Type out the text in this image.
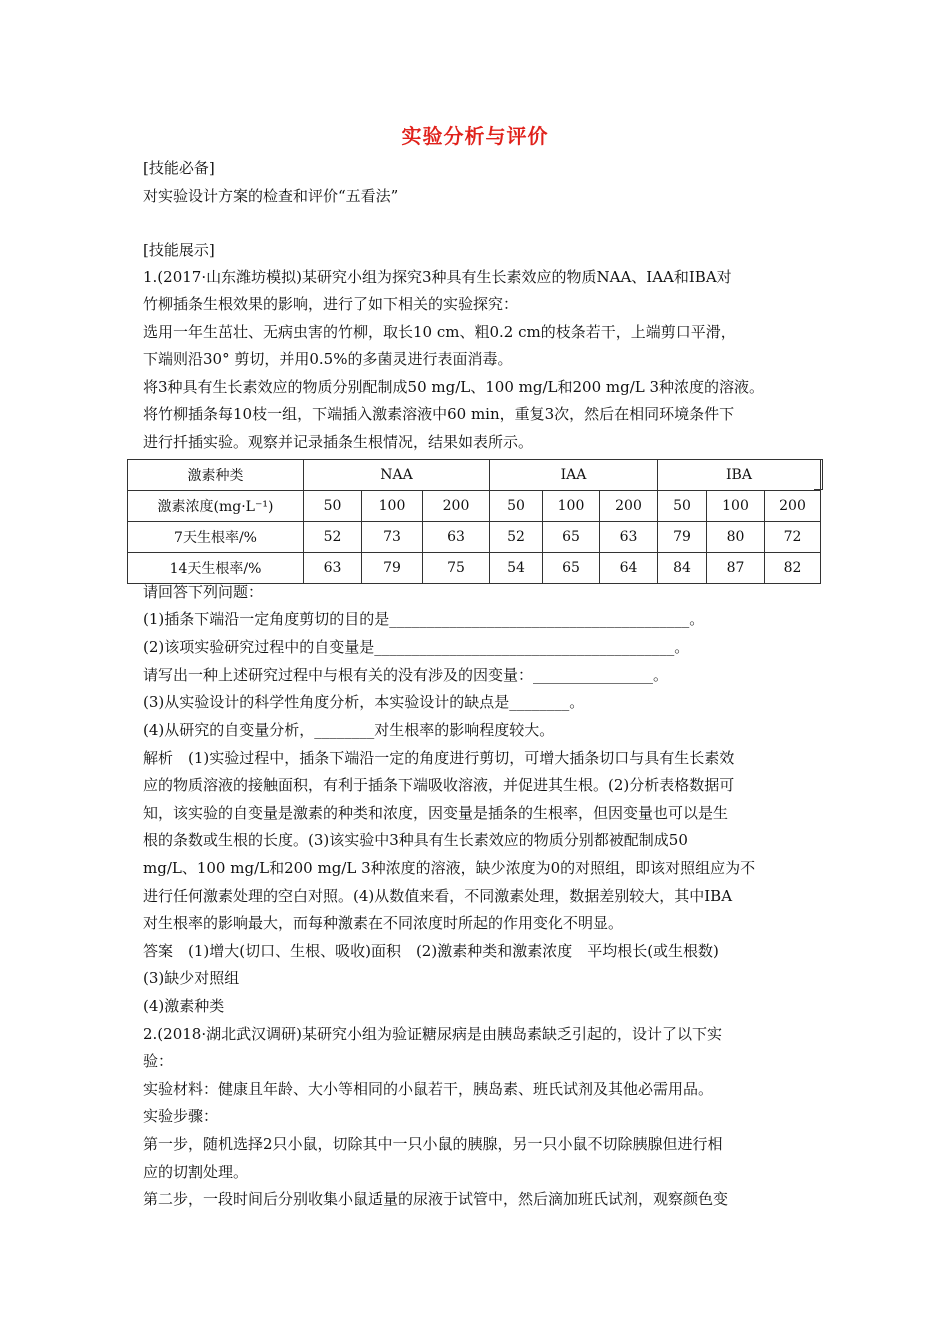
实验分析与评价
[技能必备]
对实验设计方案的检查和评价“五看法”
[技能展示]
1.(2017·山东潍坊模拟)某研究小组为探究3种具有生长素效应的物质NAA、IAA和IBA对
竹柳插条生根效果的影响，进行了如下相关的实验探究：
选用一年生茁壮、无病虫害的竹柳，取长10 cm、粗0.2 cm的枝条若干，上端剪口平滑，
下端则沿30° 剪切，并用0.5%的多菌灵进行表面消毒。
将3种具有生长素效应的物质分别配制成50 mg/L、100 mg/L和200 mg/L 3种浓度的溶液。
将竹柳插条每10枝一组，下端插入激素溶液中60 min，重复3次，然后在相同环境条件下
进行扦插实验。观察并记录插条生根情况，结果如表所示。
激素种类	NAA			IAA			IBA		
激素浓度(mg·L⁻¹)	50	100	200	50	100	200	50	100	200
7天生根率/%	52	73	63	52	65	63	79	80	72
14天生根率/%	63	79	75	54	65	64	84	87	82
请回答下列问题：
(1)插条下端沿一定角度剪切的目的是________________________________________。
(2)该项实验研究过程中的自变量是________________________________________。
请写出一种上述研究过程中与根有关的没有涉及的因变量：________________。
(3)从实验设计的科学性角度分析，本实验设计的缺点是________。
(4)从研究的自变量分析，________对生根率的影响程度较大。
解析　(1)实验过程中，插条下端沿一定的角度进行剪切，可增大插条切口与具有生长素效
应的物质溶液的接触面积，有利于插条下端吸收溶液，并促进其生根。(2)分析表格数据可
知，该实验的自变量是激素的种类和浓度，因变量是插条的生根率，但因变量也可以是生
根的条数或生根的长度。(3)该实验中3种具有生长素效应的物质分别都被配制成50
mg/L、100 mg/L和200 mg/L 3种浓度的溶液，缺少浓度为0的对照组，即该对照组应为不
进行任何激素处理的空白对照。(4)从数值来看，不同激素处理，数据差别较大，其中IBA
对生根率的影响最大，而每种激素在不同浓度时所起的作用变化不明显。
答案　(1)增大(切口、生根、吸收)面积　(2)激素种类和激素浓度　平均根长(或生根数)
(3)缺少对照组
(4)激素种类
2.(2018·湖北武汉调研)某研究小组为验证糖尿病是由胰岛素缺乏引起的，设计了以下实
验：
实验材料：健康且年龄、大小等相同的小鼠若干，胰岛素、班氏试剂及其他必需用品。
实验步骤：
第一步，随机选择2只小鼠，切除其中一只小鼠的胰腺，另一只小鼠不切除胰腺但进行相
应的切割处理。
第二步，一段时间后分别收集小鼠适量的尿液于试管中，然后滴加班氏试剂，观察颜色变
